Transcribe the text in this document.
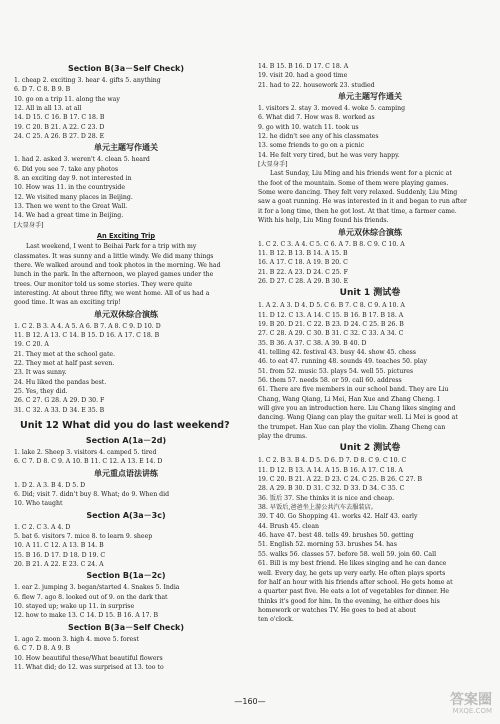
Section B(3a－Self Check)
1. cheap 2. exciting 3. hear 4. gifts 5. anything
6. D 7. C 8. B 9. B
10. go on a trip 11. along the way
12. All in all 13. at all
14. D 15. C 16. B 17. C 18. B
19. C 20. B 21. A 22. C 23. D
24. C 25. A 26. B 27. D 28. E
单元主题写作通关
1. had 2. asked 3. weren't 4. clean 5. heard
6. Did you see 7. take any photos
8. an exciting day 9. not interested in
10. How was 11. in the countryside
12. We visited many places in Beijing.
13. Then we went to the Great Wall.
14. We had a great time in Beijing.
[大显身手]
An Exciting Trip
Last weekend, I went to Beihai Park for a trip with my
classmates. It was sunny and a little windy. We did many things
there. We walked around and took photos in the morning. We had
lunch in the park. In the afternoon, we played games under the
trees. Our monitor told us some stories. They were quite
interesting. At about three fifty, we went home. All of us had a
good time. It was an exciting trip!
单元双休综合演练
1. C 2. B 3. A 4. A 5. A 6. B 7. A 8. C 9. D 10. D
11. B 12. A 13. C 14. B 15. D 16. A 17. C 18. B
19. C 20. A
21. They met at the school gate.
22. They met at half past seven.
23. It was sunny.
24. Hu liked the pandas best.
25. Yes, they did.
26. C 27. G 28. A 29. D 30. F
31. C 32. A 33. D 34. E 35. B
Unit 12 What did you do last weekend?
Section A(1a－2d)
1. lake 2. Sheep 3. visitors 4. camped 5. tired
6. C 7. D 8. C 9. A 10. B 11. C 12. A 13. E 14. D
单元重点语法讲练
1. D 2. A 3. B 4. D 5. D
6. Did; visit 7. didn't buy 8. What; do 9. When did
10. Who taught
Section A(3a－3c)
1. C 2. C 3. A 4. D
5. bat 6. visitors 7. mice 8. to learn 9. sheep
10. A 11. C 12. A 13. B 14. B
15. B 16. D 17. D 18. D 19. C
20. B 21. A 22. E 23. C 24. A
Section B(1a－2c)
1. ear 2. jumping 3. began/started 4. Snakes 5. India
6. flew 7. ago 8. looked out of 9. on the dark that
10. stayed up; wake up 11. in surprise
12. how to make 13. C 14. D 15. B 16. A 17. B
Section B(3a－Self Check)
1. ago 2. moon 3. high 4. move 5. forest
6. C 7. D 8. A 9. B
10. How beautiful these/What beautiful flowers
11. What did; do 12. was surprised at 13. too to
14. B 15. B 16. D 17. C 18. A
19. visit 20. had a good time
21. had to 22. housework 23. studied
单元主题写作通关
1. visitors 2. stay 3. moved 4. woke 5. camping
6. What did 7. How was 8. worked as
9. go with 10. watch 11. took us
12. he didn't see any of his classmates
13. some friends to go on a picnic
14. He felt very tired, but he was very happy.
[大显身手]
Last Sunday, Liu Ming and his friends went for a picnic at
the foot of the mountain. Some of them were playing games.
Some were dancing. They felt very relaxed. Suddenly, Liu Ming
saw a goat running. He was interested in it and began to run after
it for a long time, then he got lost. At that time, a farmer came.
With his help, Liu Ming found his friends.
单元双休综合演练
1. C 2. C 3. A 4. C 5. C 6. A 7. B 8. C 9. C 10. A
11. B 12. B 13. B 14. A 15. B
16. A 17. C 18. A 19. B 20. C
21. B 22. A 23. D 24. C 25. F
26. D 27. C 28. A 29. B 30. E
Unit 1 测试卷
1. A 2. A 3. D 4. D 5. C 6. B 7. C 8. C 9. A 10. A
11. D 12. C 13. A 14. C 15. B 16. B 17. B 18. A
19. B 20. D 21. C 22. B 23. D 24. C 25. B 26. B
27. C 28. A 29. C 30. B 31. C 32. C 33. A 34. C
35. B 36. A 37. C 38. A 39. B 40. D
41. telling 42. festival 43. busy 44. show 45. chess
46. to eat 47. running 48. sounds 49. teaches 50. play
51. from 52. music 53. plays 54. well 55. pictures
56. them 57. needs 58. or 59. call 60. address
61. There are five members in our school band. They are Liu
Chang, Wang Qiang, Li Mei, Han Xue and Zhang Cheng. I
will give you an introduction here. Liu Chang likes singing and
dancing. Wang Qiang can play the guitar well. Li Mei is good at
the trumpet. Han Xue can play the violin. Zhang Cheng can
play the drums.
Unit 2 测试卷
1. C 2. B 3. B 4. D 5. D 6. D 7. D 8. C 9. C 10. C
11. D 12. B 13. A 14. A 15. B 16. A 17. C 18. A
19. C 20. B 21. A 22. D 23. C 24. C 25. B 26. C 27. B
28. A 29. B 30. D 31. C 32. D 33. D 34. C 35. C
36. 饭后 37. She thinks it is nice and cheap.
38. 早饭后,爸爸坐上游公共汽车去服装店。
39. T 40. Go Shopping 41. works 42. Half 43. early
44. Brush 45. clean
46. have 47. best 48. tells 49. brushes 50. getting
51. English 52. morning 53. brushes 54. has
55. walks 56. classes 57. before 58. well 59. join 60. Call
61. Bill is my best friend. He likes singing and he can dance
well. Every day, he gets up very early. He often plays sports
for half an hour with his friends after school. He gets home at
a quarter past five. He eats a lot of vegetables for dinner. He
thinks it's good for him. In the evening, he either does his
homework or watches TV. He goes to bed at about
ten o'clock.
—160—	答案圈
MXQE.COM
